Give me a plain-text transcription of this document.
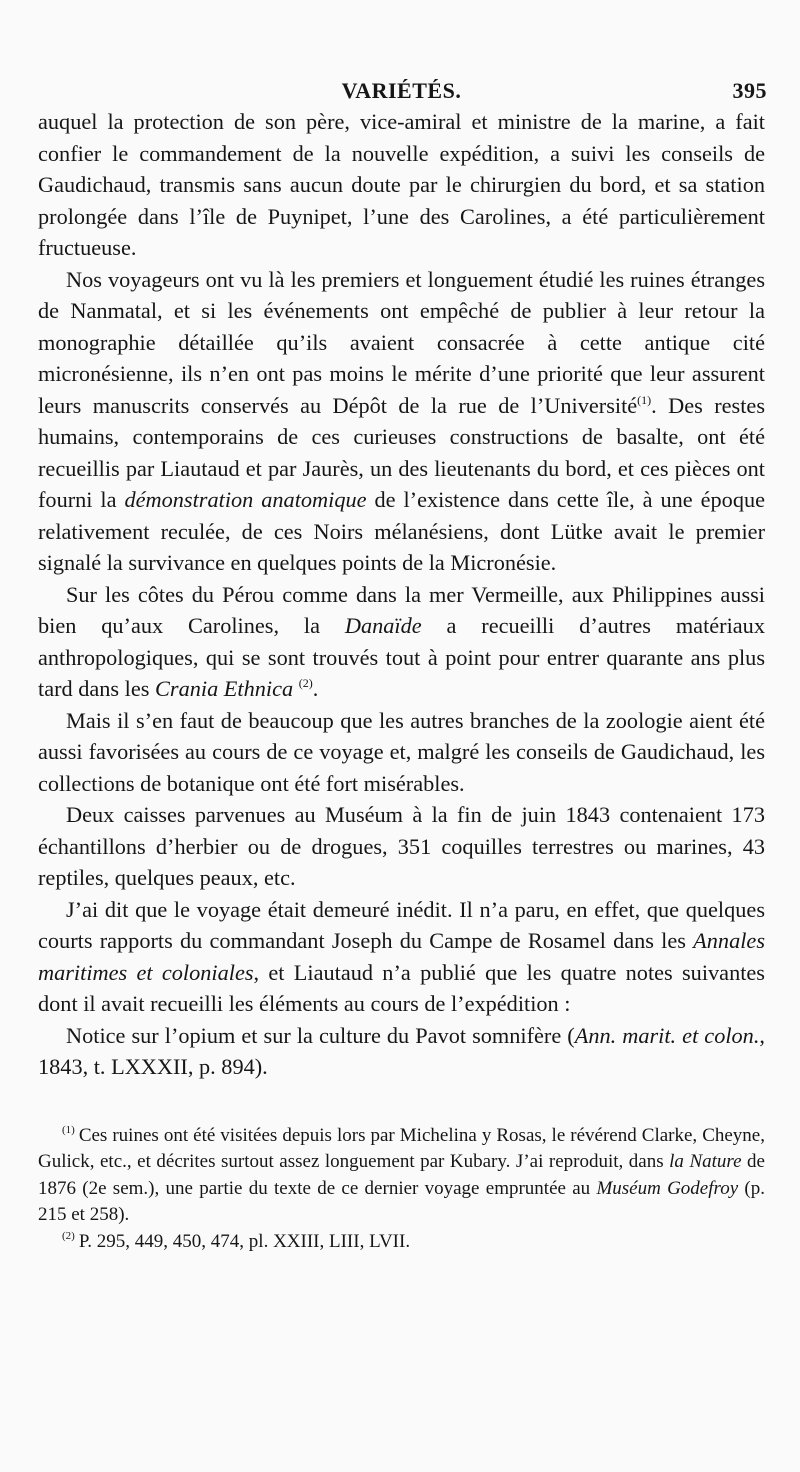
VARIÉTÉS.	395

auquel la protection de son père, vice-amiral et ministre de la marine, a fait confier le commandement de la nouvelle expédition, a suivi les conseils de Gaudichaud, transmis sans aucun doute par le chirurgien du bord, et sa station prolongée dans l’île de Puynipet, l’une des Carolines, a été particulièrement fructueuse.

Nos voyageurs ont vu là les premiers et longuement étudié les ruines étranges de Nanmatal, et si les événements ont empêché de publier à leur retour la monographie détaillée qu’ils avaient consacrée à cette antique cité micronésienne, ils n’en ont pas moins le mérite d’une priorité que leur assurent leurs manuscrits conservés au Dépôt de la rue de l’Université$^{(1)}$. Des restes humains, contemporains de ces curieuses constructions de basalte, ont été recueillis par Liautaud et par Jaurès, un des lieutenants du bord, et ces pièces ont fourni la démonstration anatomique de l’existence dans cette île, à une époque relativement reculée, de ces Noirs mélanésiens, dont Lütke avait le premier signalé la survivance en quelques points de la Micronésie.

Sur les côtes du Pérou comme dans la mer Vermeille, aux Philippines aussi bien qu’aux Carolines, la Danaïde a recueilli d’autres matériaux anthropologiques, qui se sont trouvés tout à point pour entrer quarante ans plus tard dans les Crania Ethnica $^{(2)}$.

Mais il s’en faut de beaucoup que les autres branches de la zoologie aient été aussi favorisées au cours de ce voyage et, malgré les conseils de Gaudichaud, les collections de botanique ont été fort misérables.

Deux caisses parvenues au Muséum à la fin de juin 1843 contenaient 173 échantillons d’herbier ou de drogues, 351 coquilles terrestres ou marines, 43 reptiles, quelques peaux, etc.

J’ai dit que le voyage était demeuré inédit. Il n’a paru, en effet, que quelques courts rapports du commandant Joseph du Campe de Rosamel dans les Annales maritimes et coloniales, et Liautaud n’a publié que les quatre notes suivantes dont il avait recueilli les éléments au cours de l’expédition :

Notice sur l’opium et sur la culture du Pavot somnifère (Ann. marit. et colon., 1843, t. LXXXII, p. 894).

$^{(1)}$ Ces ruines ont été visitées depuis lors par Michelina y Rosas, le révérend Clarke, Cheyne, Gulick, etc., et décrites surtout assez longuement par Kubary. J’ai reproduit, dans la Nature de 1876 (2e sem.), une partie du texte de ce dernier voyage empruntée au Muséum Godefroy (p. 215 et 258).

$^{(2)}$ P. 295, 449, 450, 474, pl. XXIII, LIII, LVII.
